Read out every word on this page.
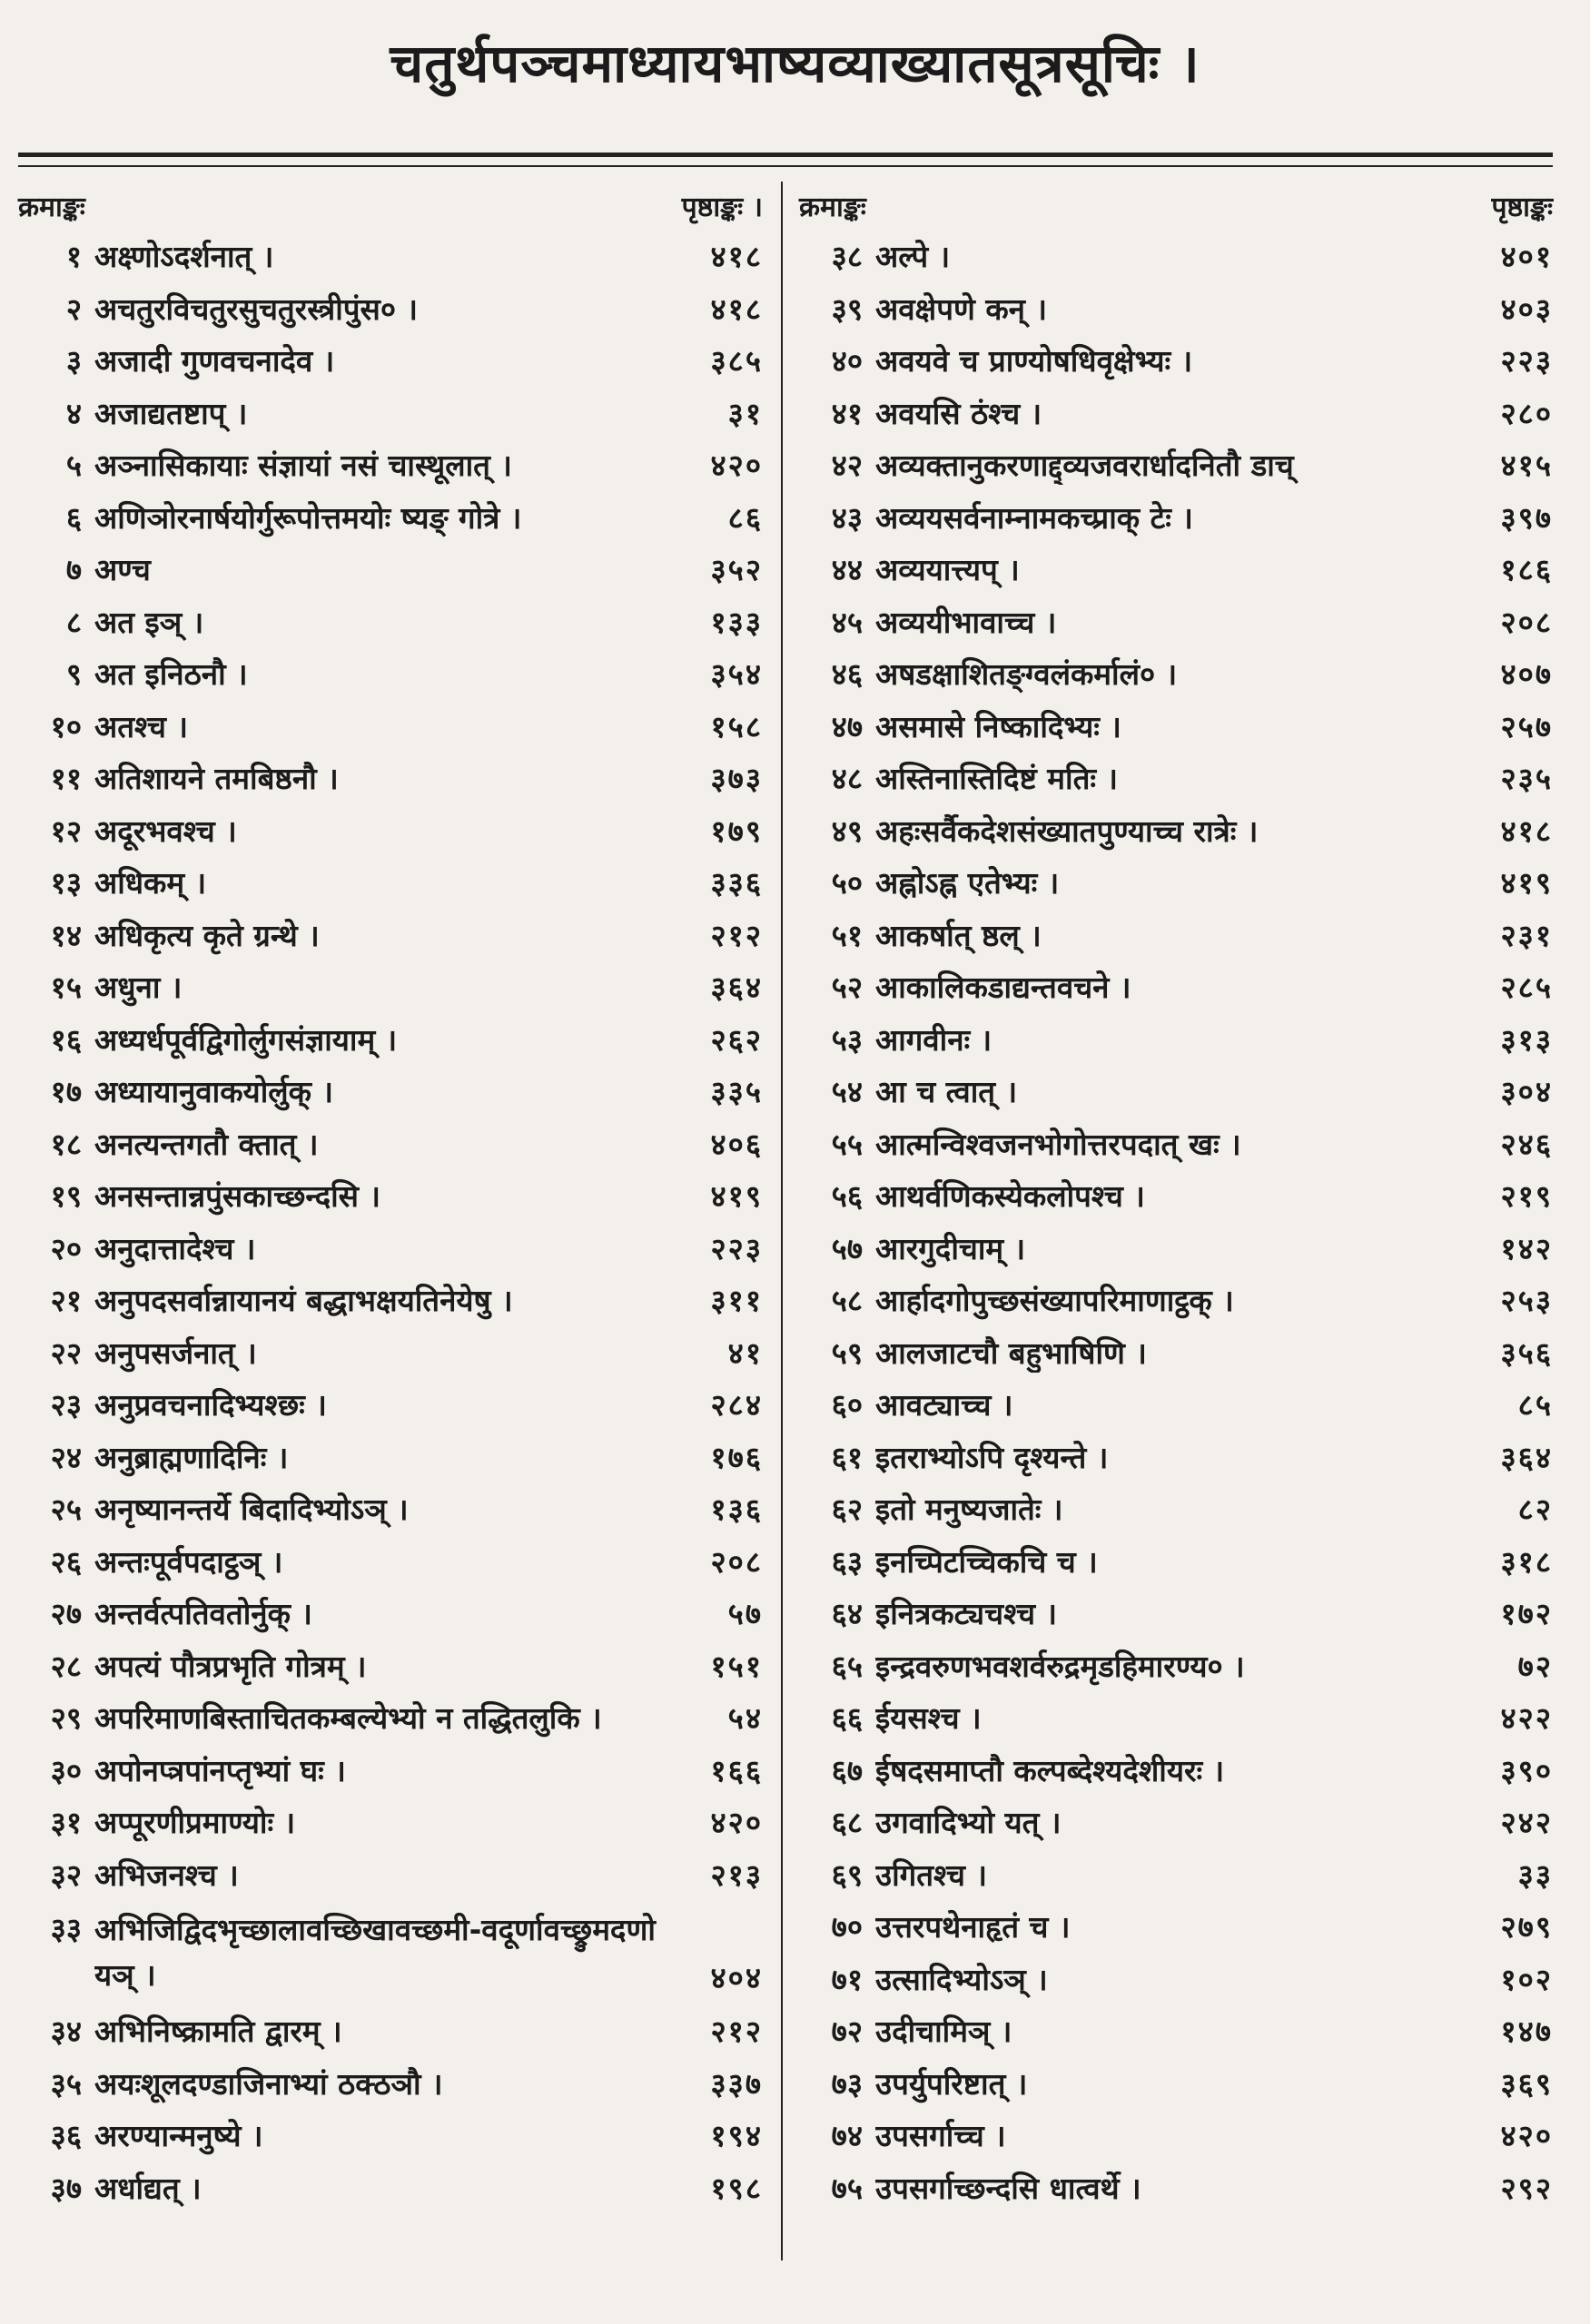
चतुर्थपञ्चमाध्यायभाष्यव्याख्यातसूत्रसूचिः ।
क्रमाङ्कः	पृष्ठाङ्कः ।
१ अक्ष्णोऽदर्शनात् ।	४१८
२ अचतुरविचतुरसुचतुरस्त्रीपुंस० ।	४१८
३ अजादी गुणवचनादेव ।	३८५
४ अजाद्यतष्टाप् ।	३१
५ अञ्नासिकायाः संज्ञायां नसं चास्थूलात् ।	४२०
६ अणिञोरनार्षयोर्गुरूपोत्तमयोः ष्यङ् गोत्रे ।	८६
७ अण्च	३५२
८ अत इञ् ।	१३३
९ अत इनिठनौ ।	३५४
१० अतश्च ।	१५८
११ अतिशायने तमबिष्ठनौ ।	३७३
१२ अदूरभवश्च ।	१७९
१३ अधिकम् ।	३३६
१४ अधिकृत्य कृते ग्रन्थे ।	२१२
१५ अधुना ।	३६४
१६ अध्यर्धपूर्वद्विगोर्लुगसंज्ञायाम् ।	२६२
१७ अध्यायानुवाकयोर्लुक् ।	३३५
१८ अनत्यन्तगतौ क्तात् ।	४०६
१९ अनसन्तान्नपुंसकाच्छन्दसि ।	४१९
२० अनुदात्तादेश्च ।	२२३
२१ अनुपदसर्वान्नायानयं बद्धाभक्षयतिनेयेषु ।	३११
२२ अनुपसर्जनात् ।	४१
२३ अनुप्रवचनादिभ्यश्छः ।	२८४
२४ अनुब्राह्मणादिनिः ।	१७६
२५ अनृष्यानन्तर्ये बिदादिभ्योऽञ् ।	१३६
२६ अन्तःपूर्वपदाट्ठञ् ।	२०८
२७ अन्तर्वत्पतिवतोर्नुक् ।	५७
२८ अपत्यं पौत्रप्रभृति गोत्रम् ।	१५१
२९ अपरिमाणबिस्ताचितकम्बल्येभ्यो न तद्धितलुकि ।	५४
३० अपोनप्त्रपांनप्तृभ्यां घः ।	१६६
३१ अप्पूरणीप्रमाण्योः ।	४२०
३२ अभिजनश्च ।	२१३
३३ अभिजिद्विदभृच्छालावच्छिखावच्छमी-वदूर्णावच्छ्रुमदणो यञ् ।	४०४
३४ अभिनिष्क्रामति द्वारम् ।	२१२
३५ अयःशूलदण्डाजिनाभ्यां ठक्ठञौ ।	३३७
३६ अरण्यान्मनुष्ये ।	१९४
३७ अर्धाद्यत् ।	१९८
क्रमाङ्कः	पृष्ठाङ्कः
३८ अल्पे ।	४०१
३९ अवक्षेपणे कन् ।	४०३
४० अवयवे च प्राण्योषधिवृक्षेभ्यः ।	२२३
४१ अवयसि ठंश्च ।	२८०
४२ अव्यक्तानुकरणाद्द्व्यजवरार्धादनितौ डाच्	४१५
४३ अव्ययसर्वनाम्नामकच्प्राक् टेः ।	३९७
४४ अव्ययात्त्यप् ।	१८६
४५ अव्ययीभावाच्च ।	२०८
४६ अषडक्षाशितङ्ग्वलंकर्मालं० ।	४०७
४७ असमासे निष्कादिभ्यः ।	२५७
४८ अस्तिनास्तिदिष्टं मतिः ।	२३५
४९ अहःसर्वैकदेशसंख्यातपुण्याच्च रात्रेः ।	४१८
५० अह्नोऽह्न एतेभ्यः ।	४१९
५१ आकर्षात् ष्ठल् ।	२३१
५२ आकालिकडाद्यन्तवचने ।	२८५
५३ आगवीनः ।	३१३
५४ आ च त्वात् ।	३०४
५५ आत्मन्विश्वजनभोगोत्तरपदात् खः ।	२४६
५६ आथर्वणिकस्येकलोपश्च ।	२१९
५७ आरगुदीचाम् ।	१४२
५८ आर्हादगोपुच्छसंख्यापरिमाणाट्ठक् ।	२५३
५९ आलजाटचौ बहुभाषिणि ।	३५६
६० आवट्याच्च ।	८५
६१ इतराभ्योऽपि दृश्यन्ते ।	३६४
६२ इतो मनुष्यजातेः ।	८२
६३ इनच्पिटच्चिकचि च ।	३१८
६४ इनित्रकट्यचश्च ।	१७२
६५ इन्द्रवरुणभवशर्वरुद्रमृडहिमारण्य० ।	७२
६६ ईयसश्च ।	४२२
६७ ईषदसमाप्तौ कल्पब्देश्यदेशीयरः ।	३९०
६८ उगवादिभ्यो यत् ।	२४२
६९ उगितश्च ।	३३
७० उत्तरपथेनाहृतं च ।	२७९
७१ उत्सादिभ्योऽञ् ।	१०२
७२ उदीचामिञ् ।	१४७
७३ उपर्युपरिष्टात् ।	३६९
७४ उपसर्गाच्च ।	४२०
७५ उपसर्गाच्छन्दसि धात्वर्थे ।	२९२
